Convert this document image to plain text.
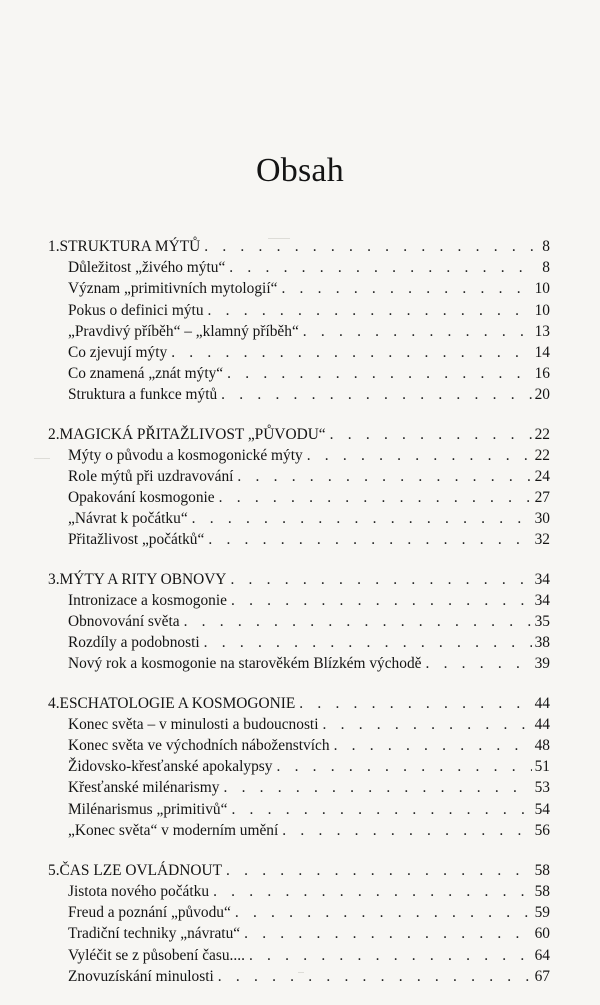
Obsah
1. STRUKTURA MÝTŮ . . .	8
Důležitost „živého mýtu“ . . .	8
Význam „primitivních mytologií“ . . .	10
Pokus o definici mýtu . . .	10
„Pravdivý příběh“ – „klamný příběh“ . . .	13
Co zjevují mýty . . .	14
Co znamená „znát mýty“ . . .	16
Struktura a funkce mýtů . . .	20
2. MAGICKÁ PŘITAŽLIVOST „PŮVODU“ . . .	22
Mýty o původu a kosmogonické mýty . . .	22
Role mýtů při uzdravování . . .	24
Opakování kosmogonie . . .	27
„Návrat k počátku“ . . .	30
Přitažlivost „počátků“ . . .	32
3. MÝTY A RITY OBNOVY . . .	34
Intronizace a kosmogonie . . .	34
Obnovování světa . . .	35
Rozdíly a podobnosti . . .	38
Nový rok a kosmogonie na starověkém Blízkém východě . . .	39
4. ESCHATOLOGIE A KOSMOGONIE . . .	44
Konec světa – v minulosti a budoucnosti . . .	44
Konec světa ve východních náboženstvích . . .	48
Židovsko-křesťanské apokalypsy . . .	51
Křesťanské milénarismy . . .	53
Milénarismus „primitivů“ . . .	54
„Konec světa“ v moderním umění . . .	56
5. ČAS LZE OVLÁDNOUT . . .	58
Jistota nového počátku . . .	58
Freud a poznání „původu“ . . .	59
Tradiční techniky „návratu“ . . .	60
Vyléčit se z působení času.... . . .	64
Znovuzískání minulosti . . .	67
